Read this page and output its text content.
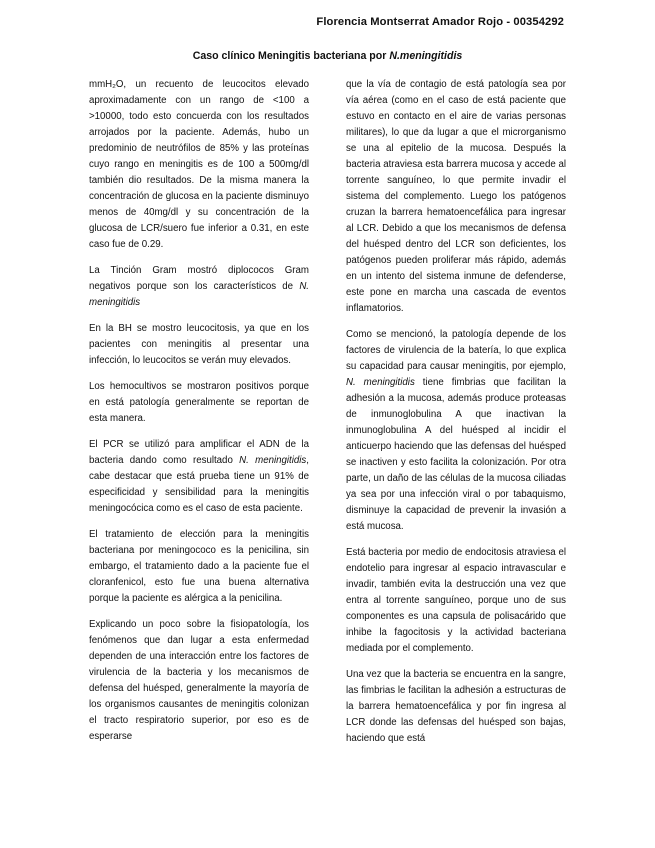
Florencia Montserrat Amador Rojo - 00354292
Caso clínico Meningitis bacteriana por N.meningitidis

mmH₂O, un recuento de leucocitos elevado aproximadamente con un rango de <100 a >10000, todo esto concuerda con los resultados arrojados por la paciente. Además, hubo un predominio de neutrófilos de 85% y las proteínas cuyo rango en meningitis es de 100 a 500mg/dl también dio resultados. De la misma manera la concentración de glucosa en la paciente disminuyo menos de 40mg/dl y su concentración de la glucosa de LCR/suero fue inferior a 0.31, en este caso fue de 0.29.

La Tinción Gram mostró diplococos Gram negativos porque son los característicos de N. meningitidis

En la BH se mostro leucocitosis, ya que en los pacientes con meningitis al presentar una infección, lo leucocitos se verán muy elevados.

Los hemocultivos se mostraron positivos porque en está patología generalmente se reportan de esta manera.

El PCR se utilizó para amplificar el ADN de la bacteria dando como resultado N. meningitidis, cabe destacar que está prueba tiene un 91% de especificidad y sensibilidad para la meningitis meningocócica como es el caso de esta paciente.

El tratamiento de elección para la meningitis bacteriana por meningococo es la penicilina, sin embargo, el tratamiento dado a la paciente fue el cloranfenicol, esto fue una buena alternativa porque la paciente es alérgica a la penicilina.

Explicando un poco sobre la fisiopatología, los fenómenos que dan lugar a esta enfermedad dependen de una interacción entre los factores de virulencia de la bacteria y los mecanismos de defensa del huésped, generalmente la mayoría de los organismos causantes de meningitis colonizan el tracto respiratorio superior, por eso es de esperarse

que la vía de contagio de está patología sea por vía aérea (como en el caso de está paciente que estuvo en contacto en el aire de varias personas militares), lo que da lugar a que el microrganismo se una al epitelio de la mucosa. Después la bacteria atraviesa esta barrera mucosa y accede al torrente sanguíneo, lo que permite invadir el sistema del complemento. Luego los patógenos cruzan la barrera hematoencefálica para ingresar al LCR. Debido a que los mecanismos de defensa del huésped dentro del LCR son deficientes, los patógenos pueden proliferar más rápido, además en un intento del sistema inmune de defenderse, este pone en marcha una cascada de eventos inflamatorios.

Como se mencionó, la patología depende de los factores de virulencia de la batería, lo que explica su capacidad para causar meningitis, por ejemplo, N. meningitidis tiene fimbrias que facilitan la adhesión a la mucosa, además produce proteasas de inmunoglobulina A que inactivan la inmunoglobulina A del huésped al incidir el anticuerpo haciendo que las defensas del huésped se inactiven y esto facilita la colonización. Por otra parte, un daño de las células de la mucosa ciliadas ya sea por una infección viral o por tabaquismo, disminuye la capacidad de prevenir la invasión a está mucosa.

Está bacteria por medio de endocitosis atraviesa el endotelio para ingresar al espacio intravascular e invadir, también evita la destrucción una vez que entra al torrente sanguíneo, porque uno de sus componentes es una capsula de polisacárido que inhibe la fagocitosis y la actividad bacteriana mediada por el complemento.

Una vez que la bacteria se encuentra en la sangre, las fimbrias le facilitan la adhesión a estructuras de la barrera hematoencefálica y por fin ingresa al LCR donde las defensas del huésped son bajas, haciendo que está
